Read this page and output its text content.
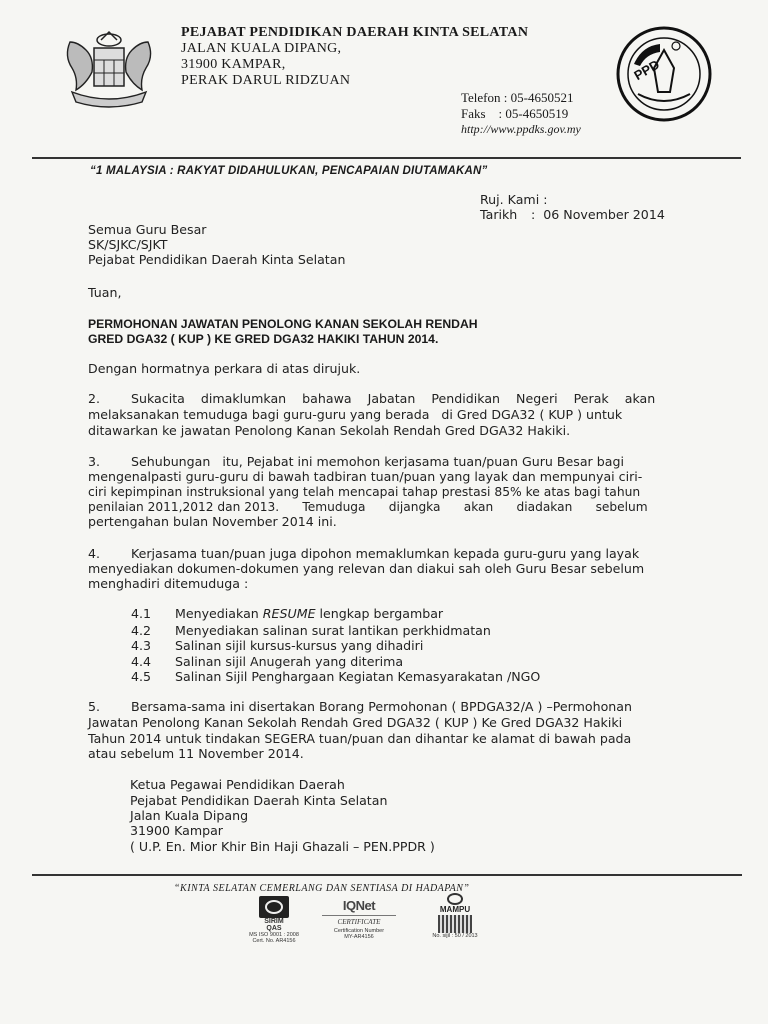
PEJABAT PENDIDIKAN DAERAH KINTA SELATAN
JALAN KUALA DIPANG,
31900 KAMPAR,
PERAK DARUL RIDZUAN
Telefon : 05-4650521
Faks    : 05-4650519
http://www.ppdks.gov.my
PPD
“1 MALAYSIA : RAKYAT DIDAHULUKAN, PENCAPAIAN DIUTAMAKAN”
Ruj. Kami :
Tarikh :  06 November 2014
Semua Guru Besar
SK/SJKC/SJKT
Pejabat Pendidikan Daerah Kinta Selatan
Tuan,
PERMOHONAN JAWATAN PENOLONG KANAN SEKOLAH RENDAH
GRED DGA32 ( KUP ) KE GRED DGA32 HAKIKI TAHUN 2014.
Dengan hormatnya perkara di atas dirujuk.
2. Sukacita    dimaklumkan    bahawa    Jabatan    Pendidikan    Negeri    Perak    akan
melaksanakan temuduga bagi guru-guru yang berada   di Gred DGA32 ( KUP ) untuk
ditawarkan ke jawatan Penolong Kanan Sekolah Rendah Gred DGA32 Hakiki.
3. Sehubungan   itu, Pejabat ini memohon kerjasama tuan/puan Guru Besar bagi
mengenalpasti guru-guru di bawah tadbiran tuan/puan yang layak dan mempunyai ciri-
ciri kepimpinan instruksional yang telah mencapai tahap prestasi 85% ke atas bagi tahun
penilaian 2011,2012 dan 2013.      Temuduga      dijangka      akan      diadakan      sebelum
pertengahan bulan November 2014 ini.
4. Kerjasama tuan/puan juga dipohon memaklumkan kepada guru-guru yang layak
menyediakan dokumen-dokumen yang relevan dan diakui sah oleh Guru Besar sebelum
menghadiri ditemuduga :
4.1 Menyediakan RESUME lengkap bergambar
4.2 Menyediakan salinan surat lantikan perkhidmatan
4.3 Salinan sijil kursus-kursus yang dihadiri
4.4 Salinan sijil Anugerah yang diterima
4.5 Salinan Sijil Penghargaan Kegiatan Kemasyarakatan /NGO
5. Bersama-sama ini disertakan Borang Permohonan ( BPDGA32/A ) –Permohonan
Jawatan Penolong Kanan Sekolah Rendah Gred DGA32 ( KUP ) Ke Gred DGA32 Hakiki
Tahun 2014 untuk tindakan SEGERA tuan/puan dan dihantar ke alamat di bawah pada
atau sebelum 11 November 2014.
Ketua Pegawai Pendidikan Daerah
Pejabat Pendidikan Daerah Kinta Selatan
Jalan Kuala Dipang
31900 Kampar
( U.P. En. Mior Khir Bin Haji Ghazali – PEN.PPDR )
“KINTA SELATAN CEMERLANG DAN SENTIASA DI HADAPAN”
SIRIM
QAS
MS ISO 9001 : 2008
Cert. No. AR4156
IQNet
CERTIFICATE
Certification Number
MY-AR4156
MAMPU
No. sijil : 50 / 2013
